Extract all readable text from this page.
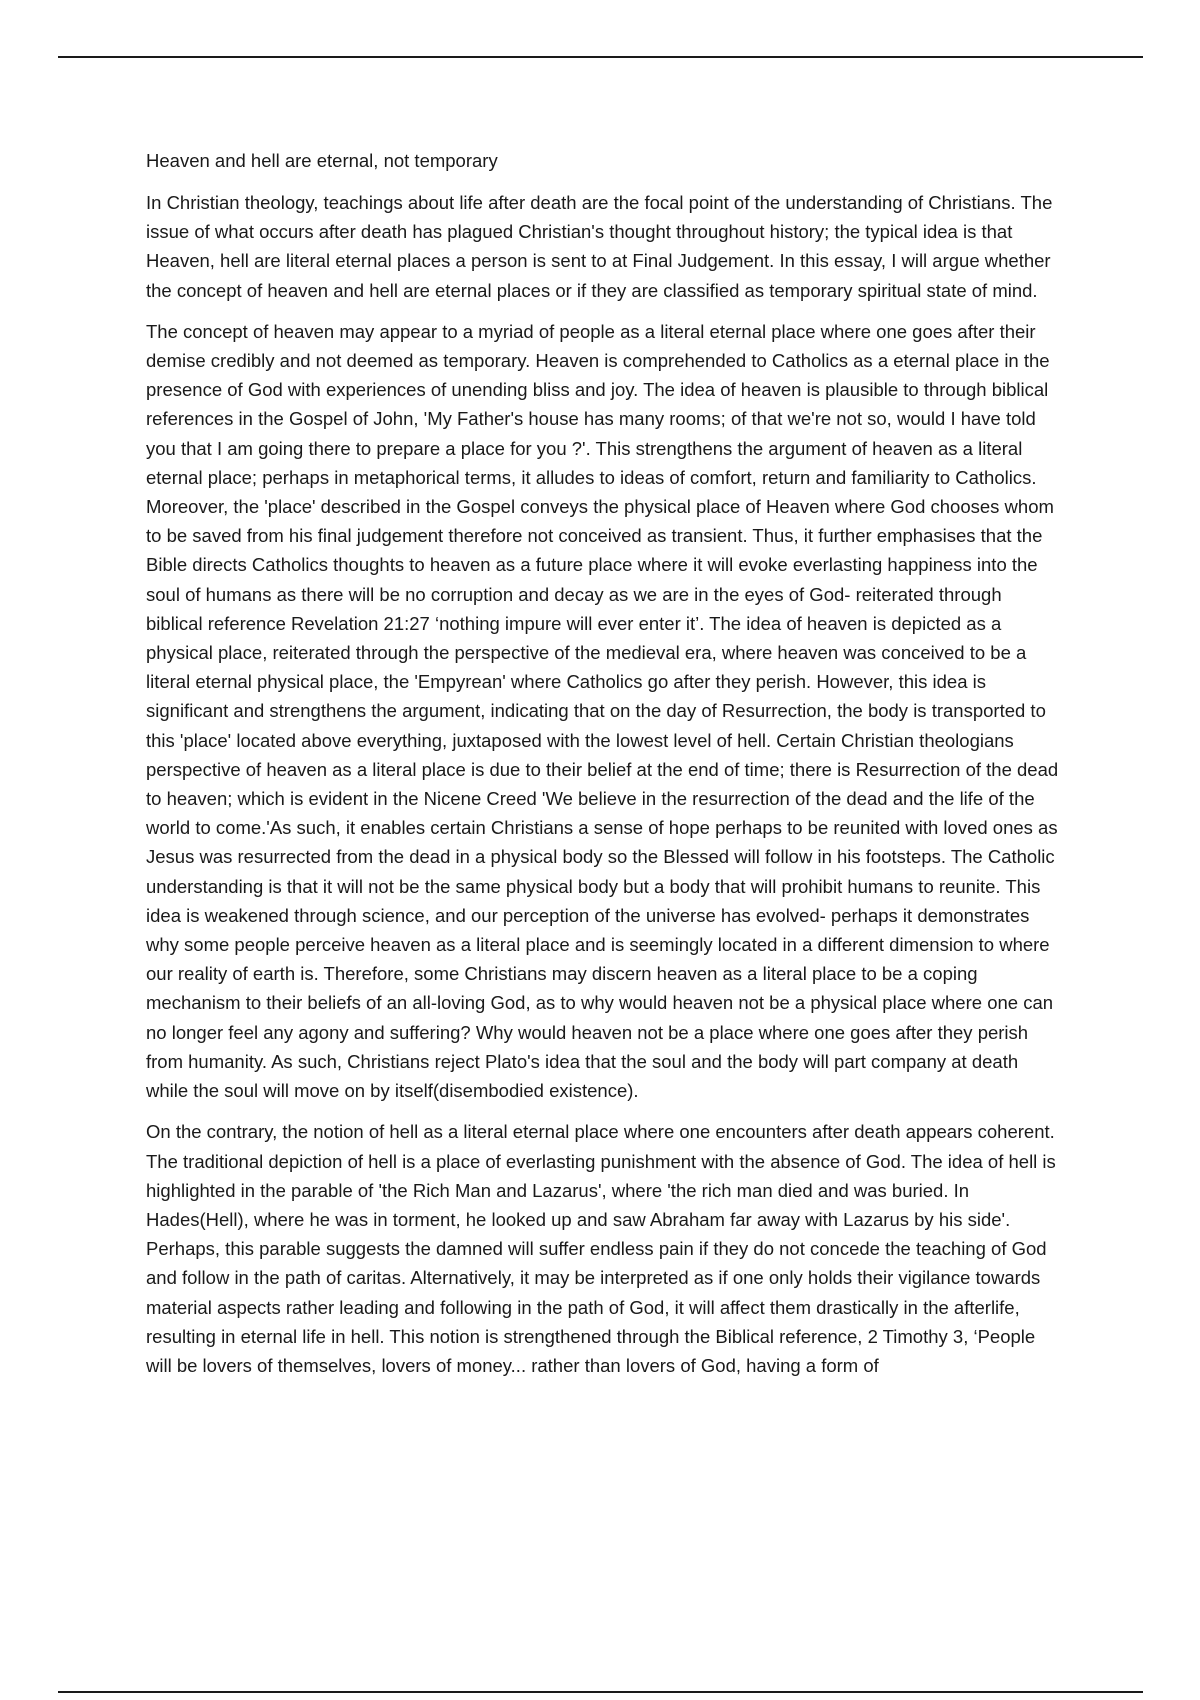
Heaven and hell are eternal, not temporary

In Christian theology, teachings about life after death are the focal point of the understanding of Christians. The issue of what occurs after death has plagued Christian's thought throughout history; the typical idea is that Heaven, hell are literal eternal places a person is sent to at Final Judgement. In this essay, I will argue whether the concept of heaven and hell are eternal places or if they are classified as temporary spiritual state of mind.

The concept of heaven may appear to a myriad of people as a literal eternal place where one goes after their demise credibly and not deemed as temporary. Heaven is comprehended to Catholics as a eternal place in the presence of God with experiences of unending bliss and joy. The idea of heaven is plausible to through biblical references in the Gospel of John, 'My Father's house has many rooms; of that we're not so, would I have told you that I am going there to prepare a place for you ?'. This strengthens the argument of heaven as a literal eternal place; perhaps in metaphorical terms, it alludes to ideas of comfort, return and familiarity to Catholics. Moreover, the 'place' described in the Gospel conveys the physical place of Heaven where God chooses whom to be saved from his final judgement therefore not conceived as transient. Thus, it further emphasises that the Bible directs Catholics thoughts to heaven as a future place where it will evoke everlasting happiness into the soul of humans as there will be no corruption and decay as we are in the eyes of God- reiterated through biblical reference Revelation 21:27 ‘nothing impure will ever enter it’. The idea of heaven is depicted as a physical place, reiterated through the perspective of the medieval era, where heaven was conceived to be a literal eternal physical place, the 'Empyrean' where Catholics go after they perish. However, this idea is significant and strengthens the argument, indicating that on the day of Resurrection, the body is transported to this 'place' located above everything, juxtaposed with the lowest level of hell. Certain Christian theologians perspective of heaven as a literal place is due to their belief at the end of time; there is Resurrection of the dead to heaven; which is evident in the Nicene Creed 'We believe in the resurrection of the dead and the life of the world to come.'As such, it enables certain Christians a sense of hope perhaps to be reunited with loved ones as Jesus was resurrected from the dead in a physical body so the Blessed will follow in his footsteps. The Catholic understanding is that it will not be the same physical body but a body that will prohibit humans to reunite. This idea is weakened through science, and our perception of the universe has evolved- perhaps it demonstrates why some people perceive heaven as a literal place and is seemingly located in a different dimension to where our reality of earth is. Therefore, some Christians may discern heaven as a literal place to be a coping mechanism to their beliefs of an all-loving God, as to why would heaven not be a physical place where one can no longer feel any agony and suffering? Why would heaven not be a place where one goes after they perish from humanity. As such, Christians reject Plato's idea that the soul and the body will part company at death while the soul will move on by itself(disembodied existence).

On the contrary, the notion of hell as a literal eternal place where one encounters after death appears coherent. The traditional depiction of hell is a place of everlasting punishment with the absence of God. The idea of hell is highlighted in the parable of 'the Rich Man and Lazarus', where 'the rich man died and was buried. In Hades(Hell), where he was in torment, he looked up and saw Abraham far away with Lazarus by his side'. Perhaps, this parable suggests the damned will suffer endless pain if they do not concede the teaching of God and follow in the path of caritas. Alternatively, it may be interpreted as if one only holds their vigilance towards material aspects rather leading and following in the path of God, it will affect them drastically in the afterlife, resulting in eternal life in hell. This notion is strengthened through the Biblical reference, 2 Timothy 3, ‘People will be lovers of themselves, lovers of money... rather than lovers of God, having a form of
